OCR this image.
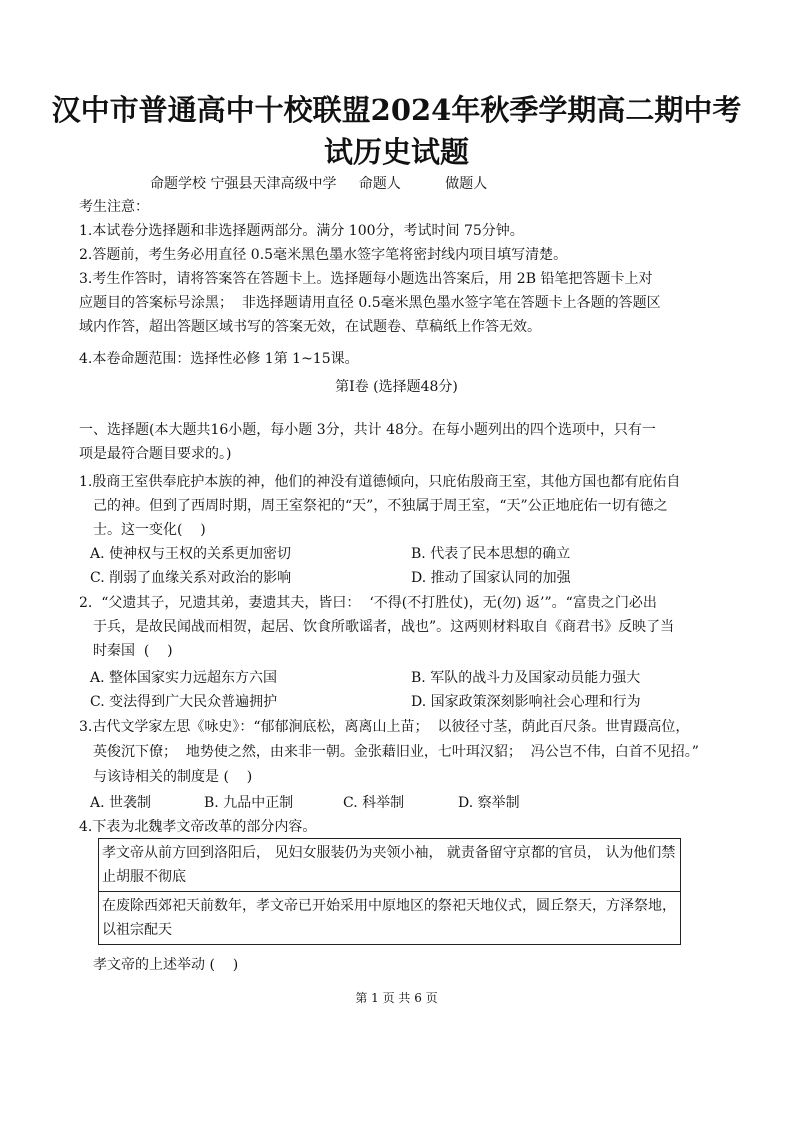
汉中市普通高中十校联盟2024年秋季学期高二期中考
试历史试题
命题学校 宁强县天津高级中学     命题人          做题人
考生注意：
1.本试卷分选择题和非选择题两部分。满分 100分，考试时间 75分钟。
2.答题前，考生务必用直径 0.5毫米黑色墨水签字笔将密封线内项目填写清楚。
3.考生作答时，请将答案答在答题卡上。选择题每小题选出答案后，用 2B 铅笔把答题卡上对
应题目的答案标号涂黑；  非选择题请用直径 0.5毫米黑色墨水签字笔在答题卡上各题的答题区
域内作答，超出答题区域书写的答案无效，在试题卷、草稿纸上作答无效。
4.本卷命题范围：选择性必修 1第 1~15课。
第Ⅰ卷 (选择题48分)
一、选择题(本大题共16小题，每小题 3分，共计 48分。在每小题列出的四个选项中，只有一
项是最符合题目要求的。)
1.殷商王室供奉庇护本族的神，他们的神没有道德倾向，只庇佑殷商王室，其他方国也都有庇佑自
己的神。但到了西周时期，周王室祭祀的“天”，不独属于周王室，“天”公正地庇佑一切有德之
士。这一变化(    )
A. 使神权与王权的关系更加密切	B. 代表了民本思想的确立
C. 削弱了血缘关系对政治的影响	D. 推动了国家认同的加强
2.  “父遗其子，兄遗其弟，妻遗其夫，皆曰：  ‘不得(不打胜仗)，无(勿) 返’”。“富贵之门必出
于兵，是故民闻战而相贺，起居、饮食所歌谣者，战也”。这两则材料取自《商君书》反映了当
时秦国  (    )
A. 整体国家实力远超东方六国	B. 军队的战斗力及国家动员能力强大
C. 变法得到广大民众普遍拥护	D. 国家政策深刻影响社会心理和行为
3.古代文学家左思《咏史》：“郁郁涧底松，离离山上苗；  以彼径寸茎，荫此百尺条。世胄蹑高位，
英俊沉下僚；  地势使之然，由来非一朝。金张藉旧业，七叶珥汉貂；  冯公岂不伟，白首不见招。”
与该诗相关的制度是 (    )
A. 世袭制	B. 九品中正制	C. 科举制	D. 察举制
4.下表为北魏孝文帝改革的部分内容。
孝文帝从前方回到洛阳后， 见妇女服装仍为夹领小袖， 就责备留守京都的官员， 认为他们禁止胡服不彻底
在废除西郊祀天前数年，孝文帝已开始采用中原地区的祭祀天地仪式，圆丘祭天，方泽祭地，以祖宗配天
孝文帝的上述举动 (    )
第 1 页 共 6 页
